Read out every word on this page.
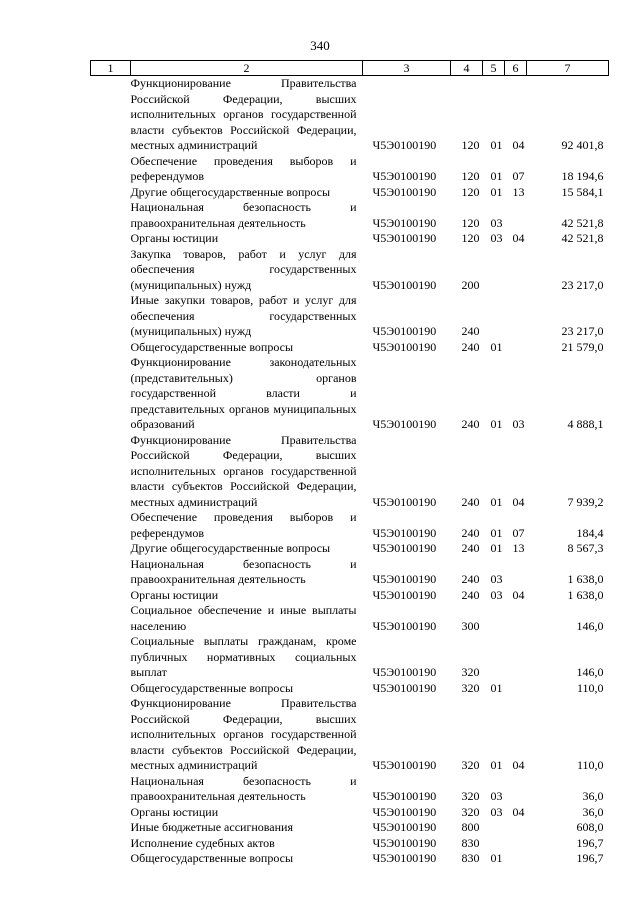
340
1	2	3	4	5	6	7
	Функционирование Правительства Российской Федерации, высших исполнительных органов государственной власти субъектов Российской Федерации, местных администраций	Ч5Э0100190	120	01	04	92 401,8
	Обеспечение проведения выборов и референдумов	Ч5Э0100190	120	01	07	18 194,6
	Другие общегосударственные вопросы	Ч5Э0100190	120	01	13	15 584,1
	Национальная безопасность и правоохранительная деятельность	Ч5Э0100190	120	03		42 521,8
	Органы юстиции	Ч5Э0100190	120	03	04	42 521,8
	Закупка товаров, работ и услуг для обеспечения государственных (муниципальных) нужд	Ч5Э0100190	200			23 217,0
	Иные закупки товаров, работ и услуг для обеспечения государственных (муниципальных) нужд	Ч5Э0100190	240			23 217,0
	Общегосударственные вопросы	Ч5Э0100190	240	01		21 579,0
	Функционирование законодательных (представительных) органов государственной власти и представительных органов муниципальных образований	Ч5Э0100190	240	01	03	4 888,1
	Функционирование Правительства Российской Федерации, высших исполнительных органов государственной власти субъектов Российской Федерации, местных администраций	Ч5Э0100190	240	01	04	7 939,2
	Обеспечение проведения выборов и референдумов	Ч5Э0100190	240	01	07	184,4
	Другие общегосударственные вопросы	Ч5Э0100190	240	01	13	8 567,3
	Национальная безопасность и правоохранительная деятельность	Ч5Э0100190	240	03		1 638,0
	Органы юстиции	Ч5Э0100190	240	03	04	1 638,0
	Социальное обеспечение и иные выплаты населению	Ч5Э0100190	300			146,0
	Социальные выплаты гражданам, кроме публичных нормативных социальных выплат	Ч5Э0100190	320			146,0
	Общегосударственные вопросы	Ч5Э0100190	320	01		110,0
	Функционирование Правительства Российской Федерации, высших исполнительных органов государственной власти субъектов Российской Федерации, местных администраций	Ч5Э0100190	320	01	04	110,0
	Национальная безопасность и правоохранительная деятельность	Ч5Э0100190	320	03		36,0
	Органы юстиции	Ч5Э0100190	320	03	04	36,0
	Иные бюджетные ассигнования	Ч5Э0100190	800			608,0
	Исполнение судебных актов	Ч5Э0100190	830			196,7
	Общегосударственные вопросы	Ч5Э0100190	830	01		196,7
